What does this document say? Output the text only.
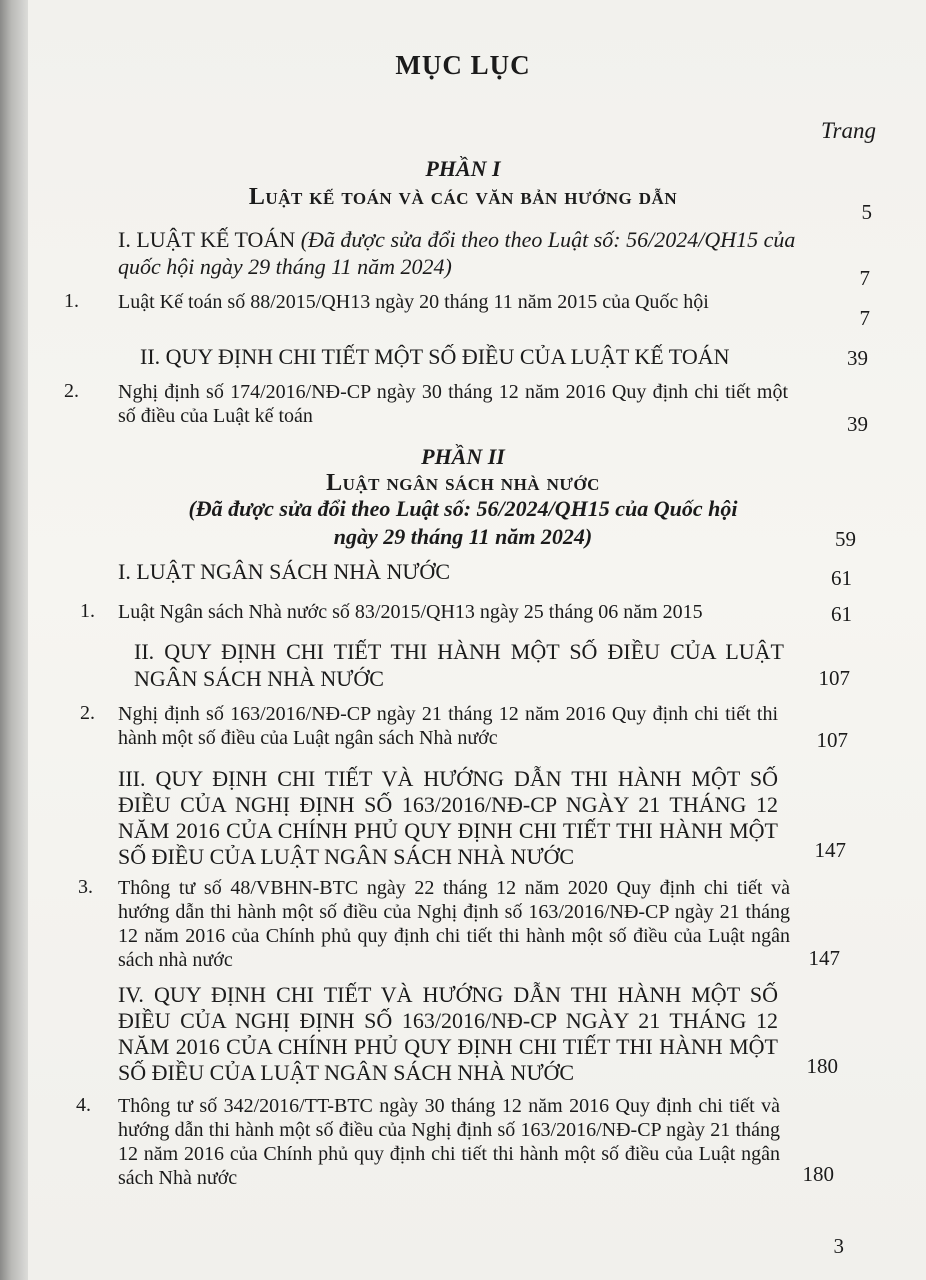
MỤC LỤC
Trang
PHẦN I
Luật kế toán và các văn bản hướng dẫn
5
I. LUẬT KẾ TOÁN (Đã được sửa đổi theo theo Luật số: 56/2024/QH15 của quốc hội ngày 29 tháng 11 năm 2024)	7
1. Luật Kế toán số 88/2015/QH13 ngày 20 tháng 11 năm 2015 của Quốc hội
7
II. QUY ĐỊNH CHI TIẾT MỘT SỐ ĐIỀU CỦA LUẬT KẾ TOÁN	39
2. Nghị định số 174/2016/NĐ-CP ngày 30 tháng 12 năm 2016 Quy định chi tiết một số điều của Luật kế toán	39
PHẦN II
Luật ngân sách nhà nước
(Đã được sửa đổi theo Luật số: 56/2024/QH15 của Quốc hội
ngày 29 tháng 11 năm 2024)	59
I. LUẬT NGÂN SÁCH NHÀ NƯỚC	61
1. Luật Ngân sách Nhà nước số 83/2015/QH13 ngày 25 tháng 06 năm 2015	61
II. QUY ĐỊNH CHI TIẾT THI HÀNH MỘT SỐ ĐIỀU CỦA LUẬT NGÂN SÁCH NHÀ NƯỚC	107
2. Nghị định số 163/2016/NĐ-CP ngày 21 tháng 12 năm 2016 Quy định chi tiết thi hành một số điều của Luật ngân sách Nhà nước	107
III. QUY ĐỊNH CHI TIẾT VÀ HƯỚNG DẪN THI HÀNH MỘT SỐ ĐIỀU CỦA NGHỊ ĐỊNH SỐ 163/2016/NĐ-CP NGÀY 21 THÁNG 12 NĂM 2016 CỦA CHÍNH PHỦ QUY ĐỊNH CHI TIẾT THI HÀNH MỘT SỐ ĐIỀU CỦA LUẬT NGÂN SÁCH NHÀ NƯỚC	147
3. Thông tư số 48/VBHN-BTC ngày 22 tháng 12 năm 2020 Quy định chi tiết và hướng dẫn thi hành một số điều của Nghị định số 163/2016/NĐ-CP ngày 21 tháng 12 năm 2016 của Chính phủ quy định chi tiết thi hành một số điều của Luật ngân sách nhà nước	147
IV. QUY ĐỊNH CHI TIẾT VÀ HƯỚNG DẪN THI HÀNH MỘT SỐ ĐIỀU CỦA NGHỊ ĐỊNH SỐ 163/2016/NĐ-CP NGÀY 21 THÁNG 12 NĂM 2016 CỦA CHÍNH PHỦ QUY ĐỊNH CHI TIẾT THI HÀNH MỘT SỐ ĐIỀU CỦA LUẬT NGÂN SÁCH NHÀ NƯỚC	180
4. Thông tư số 342/2016/TT-BTC ngày 30 tháng 12 năm 2016 Quy định chi tiết và hướng dẫn thi hành một số điều của Nghị định số 163/2016/NĐ-CP ngày 21 tháng 12 năm 2016 của Chính phủ quy định chi tiết thi hành một số điều của Luật ngân sách Nhà nước	180
3
